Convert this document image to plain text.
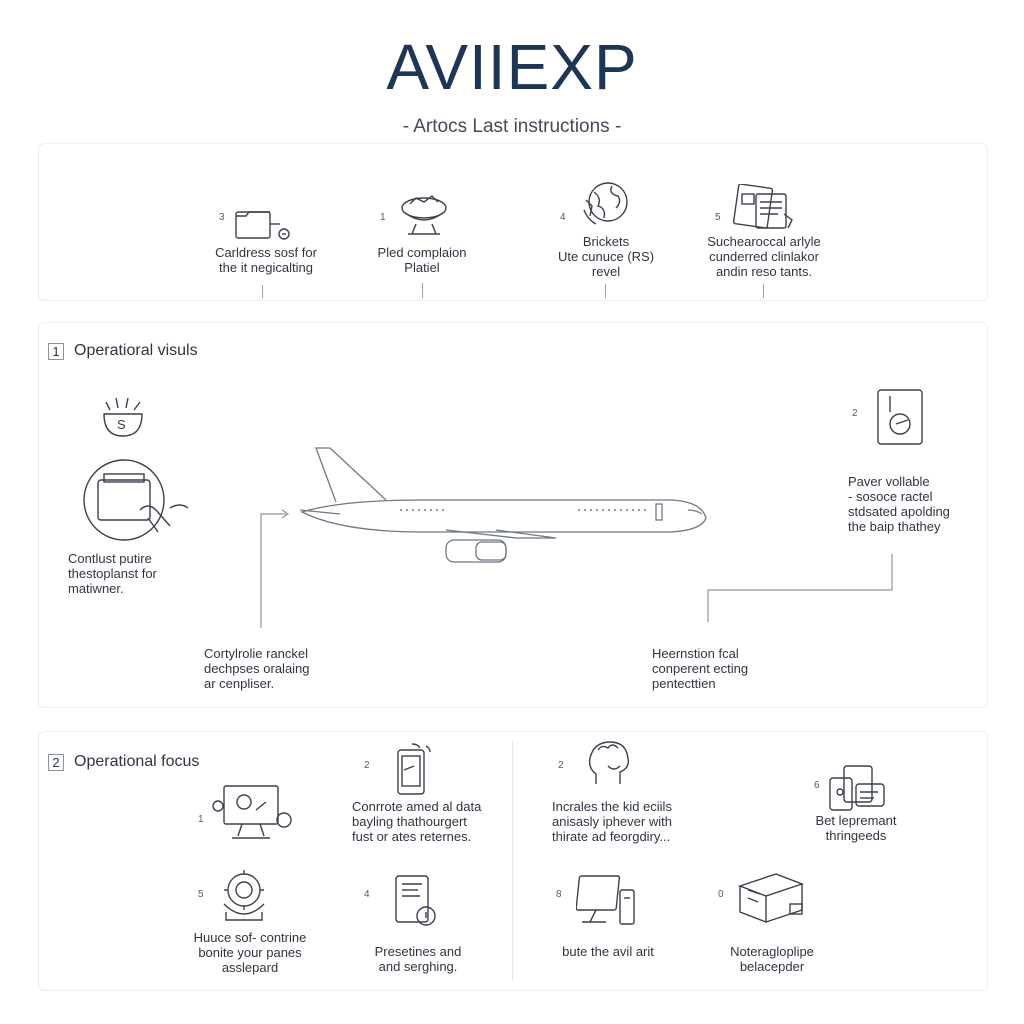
AVIIEXP
- Artocs Last instructions -
3
Carldress sosf for
the it negicalting
1
Pled complaion
Platiel
4
Brickets
Ute cunuce (RS)
revel
5
Suchearoccal arlyle
cunderred clinlakor
andin reso tants.
1 Operatioral visuls
S
Contlust putire
thestoplanst for
matiwner.
Cortylrolie ranckel
dechpses oralaing
ar cenpliser.
2
Paver vollable
- sosoce ractel
stdsated apolding
the baip thathey
Heernstion fcal
conperent ecting
pentecttien
2 Operational focus
1
2
Conrrote amed al data
bayling thathourgert
fust or ates reternes.
2
Incrales the kid eciils
anisasly iphever with
thirate ad feorgdiry...
6
Bet lepremant
thringeeds
5
Huuce sof- contrine
bonite your panes
asslepard
4
Presetines and
and serghing.
8
bute the avil arit
0
Noteragloplipe
belacepder
